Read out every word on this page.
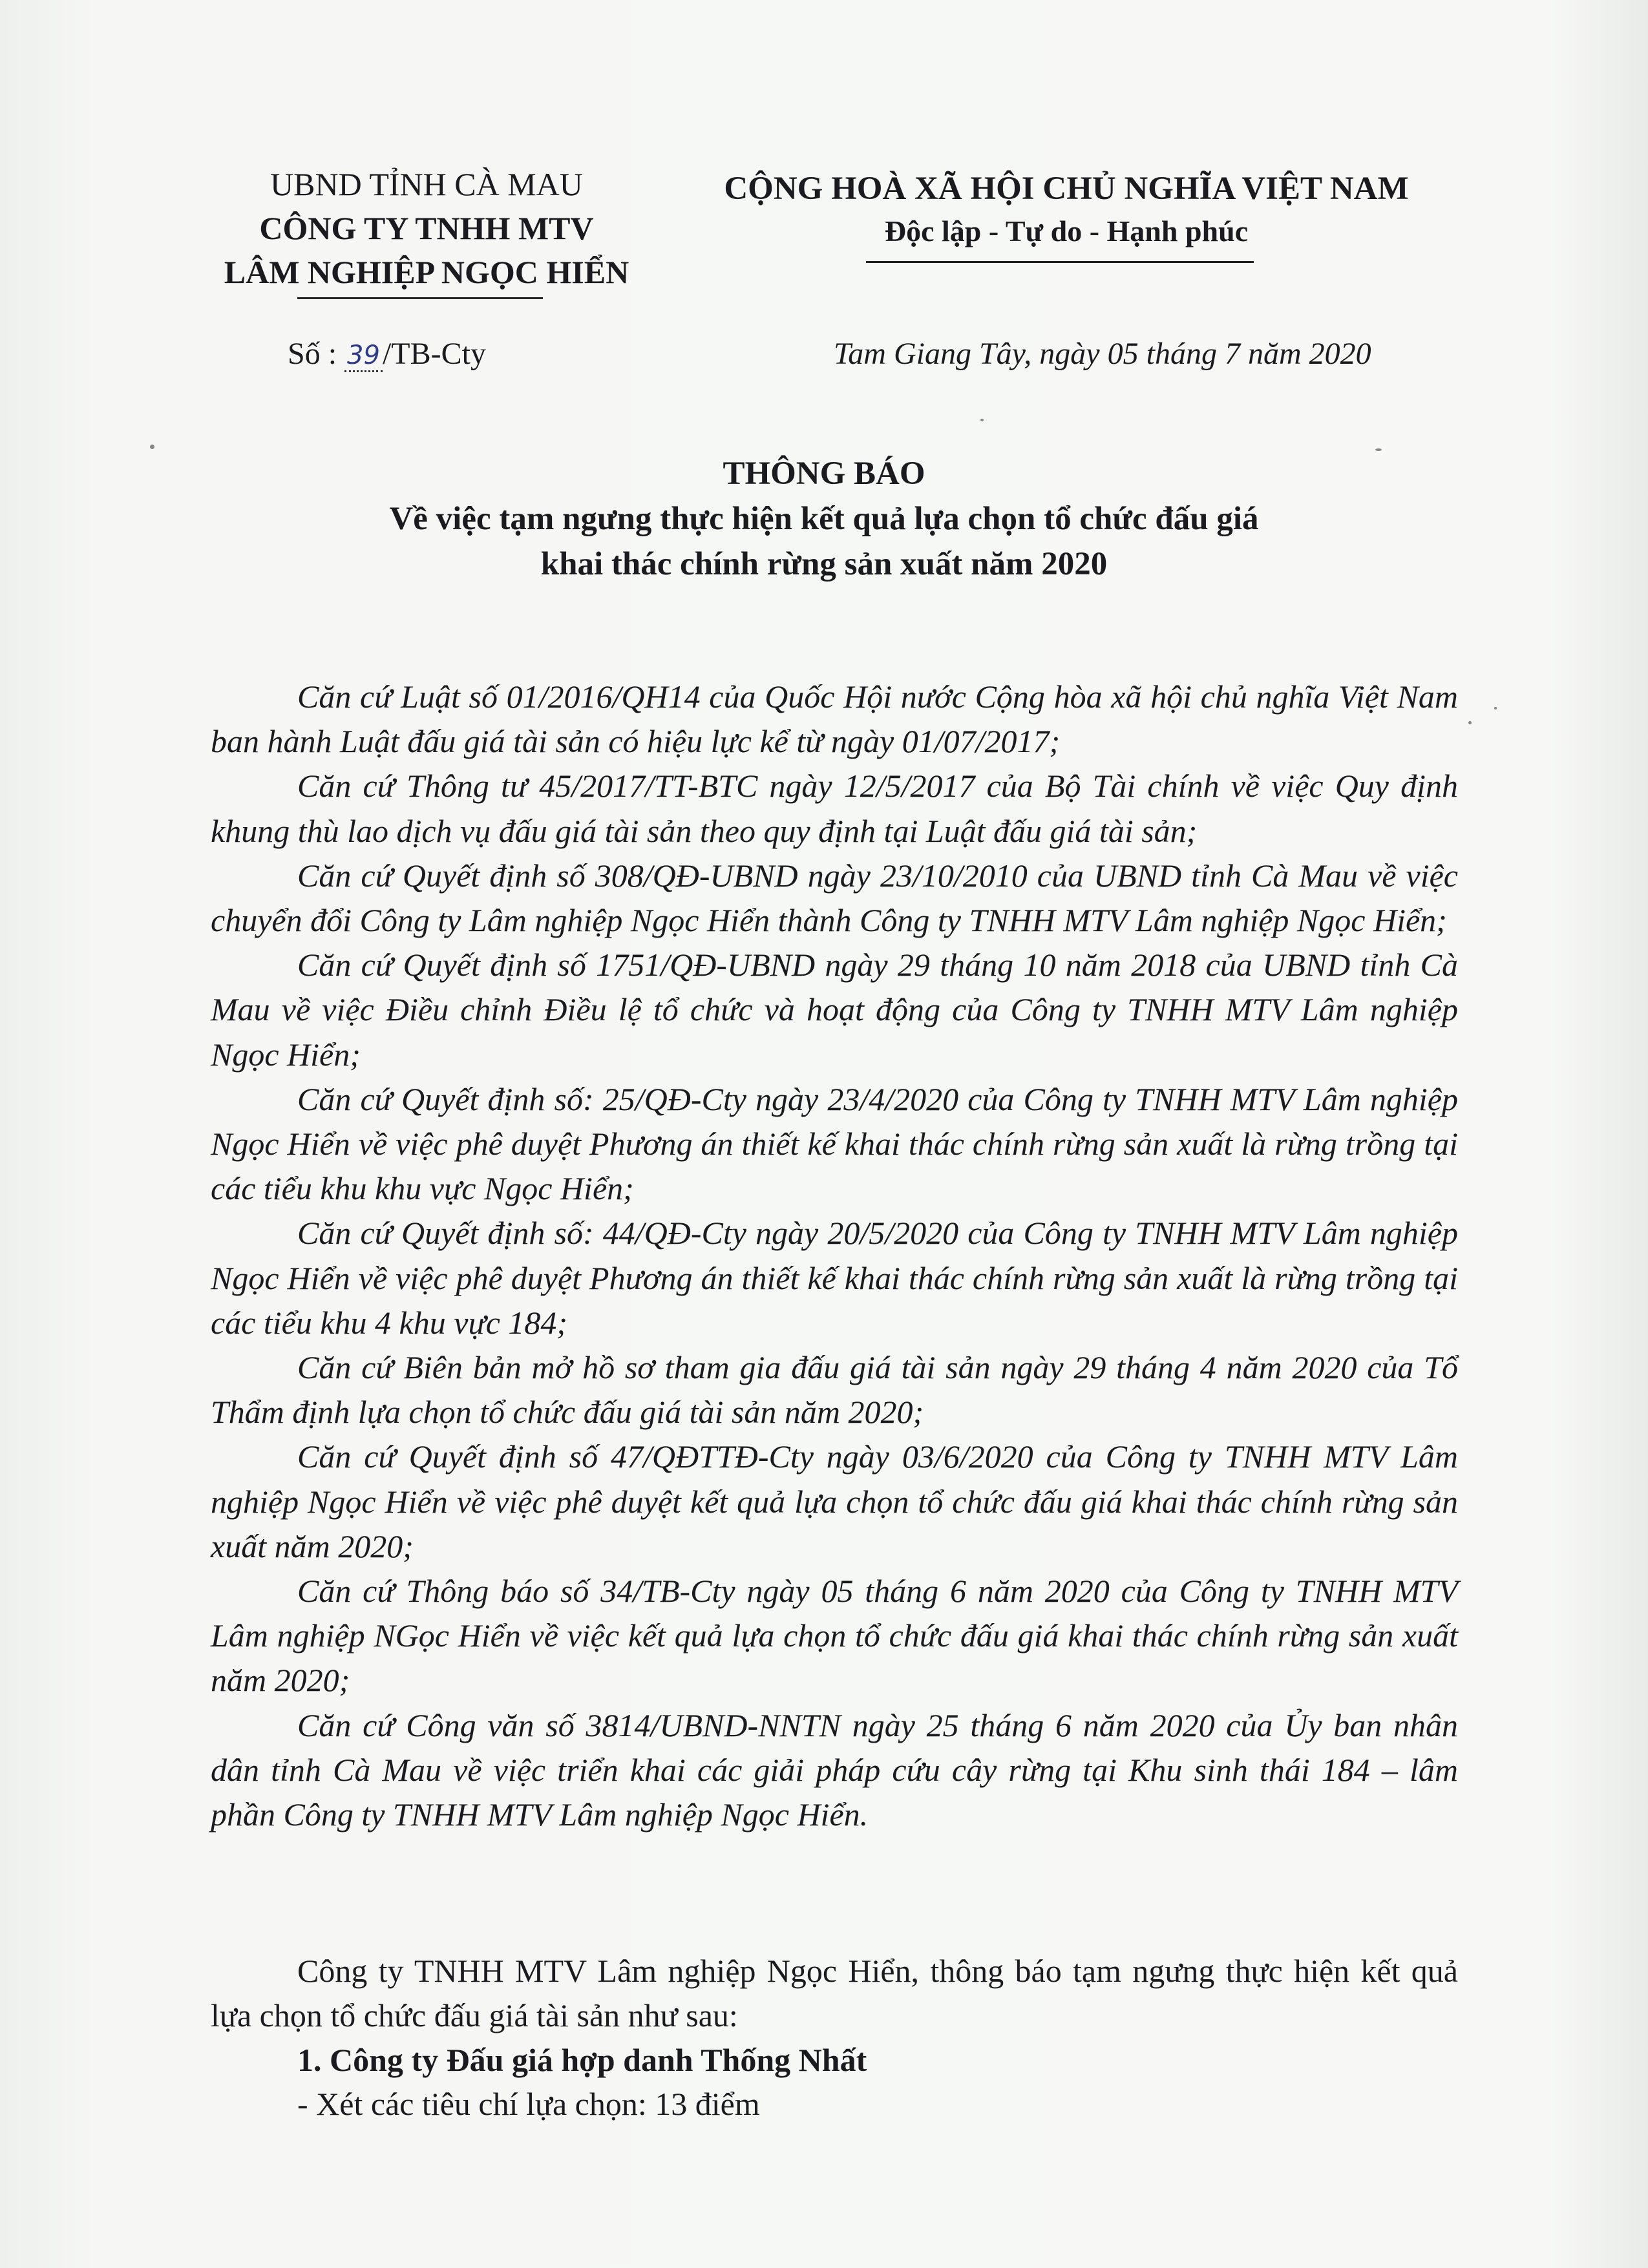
UBND TỈNH CÀ MAU
CÔNG TY TNHH MTV
LÂM NGHIỆP NGỌC HIỂN
CỘNG HOÀ XÃ HỘI CHỦ NGHĨA VIỆT NAM
Độc lập - Tự do - Hạnh phúc
Số : 39/TB-Cty	Tam Giang Tây, ngày 05 tháng 7 năm 2020
THÔNG BÁO
Về việc tạm ngưng thực hiện kết quả lựa chọn tổ chức đấu giá
khai thác chính rừng sản xuất năm 2020

Căn cứ Luật số 01/2016/QH14 của Quốc Hội nước Cộng hòa xã hội chủ nghĩa Việt Nam ban hành Luật đấu giá tài sản có hiệu lực kể từ ngày 01/07/2017;

Căn cứ Thông tư 45/2017/TT-BTC ngày 12/5/2017 của Bộ Tài chính về việc Quy định khung thù lao dịch vụ đấu giá tài sản theo quy định tại Luật đấu giá tài sản;

Căn cứ Quyết định số 308/QĐ-UBND ngày 23/10/2010 của UBND tỉnh Cà Mau về việc chuyển đổi Công ty Lâm nghiệp Ngọc Hiển thành Công ty TNHH MTV Lâm nghiệp Ngọc Hiển;

Căn cứ Quyết định số 1751/QĐ-UBND ngày 29 tháng 10 năm 2018 của UBND tỉnh Cà Mau về việc Điều chỉnh Điều lệ tổ chức và hoạt động của Công ty TNHH MTV Lâm nghiệp Ngọc Hiển;

Căn cứ Quyết định số: 25/QĐ-Cty ngày 23/4/2020 của Công ty TNHH MTV Lâm nghiệp Ngọc Hiển về việc phê duyệt Phương án thiết kế khai thác chính rừng sản xuất là rừng trồng tại các tiểu khu khu vực Ngọc Hiển;

Căn cứ Quyết định số: 44/QĐ-Cty ngày 20/5/2020 của Công ty TNHH MTV Lâm nghiệp Ngọc Hiển về việc phê duyệt Phương án thiết kế khai thác chính rừng sản xuất là rừng trồng tại các tiểu khu 4 khu vực 184;

Căn cứ Biên bản mở hồ sơ tham gia đấu giá tài sản ngày 29 tháng 4 năm 2020 của Tổ Thẩm định lựa chọn tổ chức đấu giá tài sản năm 2020;

Căn cứ Quyết định số 47/QĐTTĐ-Cty ngày 03/6/2020 của Công ty TNHH MTV Lâm nghiệp Ngọc Hiển về việc phê duyệt kết quả lựa chọn tổ chức đấu giá khai thác chính rừng sản xuất năm 2020;

Căn cứ Thông báo số 34/TB-Cty ngày 05 tháng 6 năm 2020 của Công ty TNHH MTV Lâm nghiệp NGọc Hiển về việc kết quả lựa chọn tổ chức đấu giá khai thác chính rừng sản xuất năm 2020;

Căn cứ Công văn số 3814/UBND-NNTN ngày 25 tháng 6 năm 2020 của Ủy ban nhân dân tỉnh Cà Mau về việc triển khai các giải pháp cứu cây rừng tại Khu sinh thái 184 – lâm phần Công ty TNHH MTV Lâm nghiệp Ngọc Hiển.

Công ty TNHH MTV Lâm nghiệp Ngọc Hiển, thông báo tạm ngưng thực hiện kết quả lựa chọn tổ chức đấu giá tài sản như sau:

1. Công ty Đấu giá hợp danh Thống Nhất
- Xét các tiêu chí lựa chọn: 13 điểm
